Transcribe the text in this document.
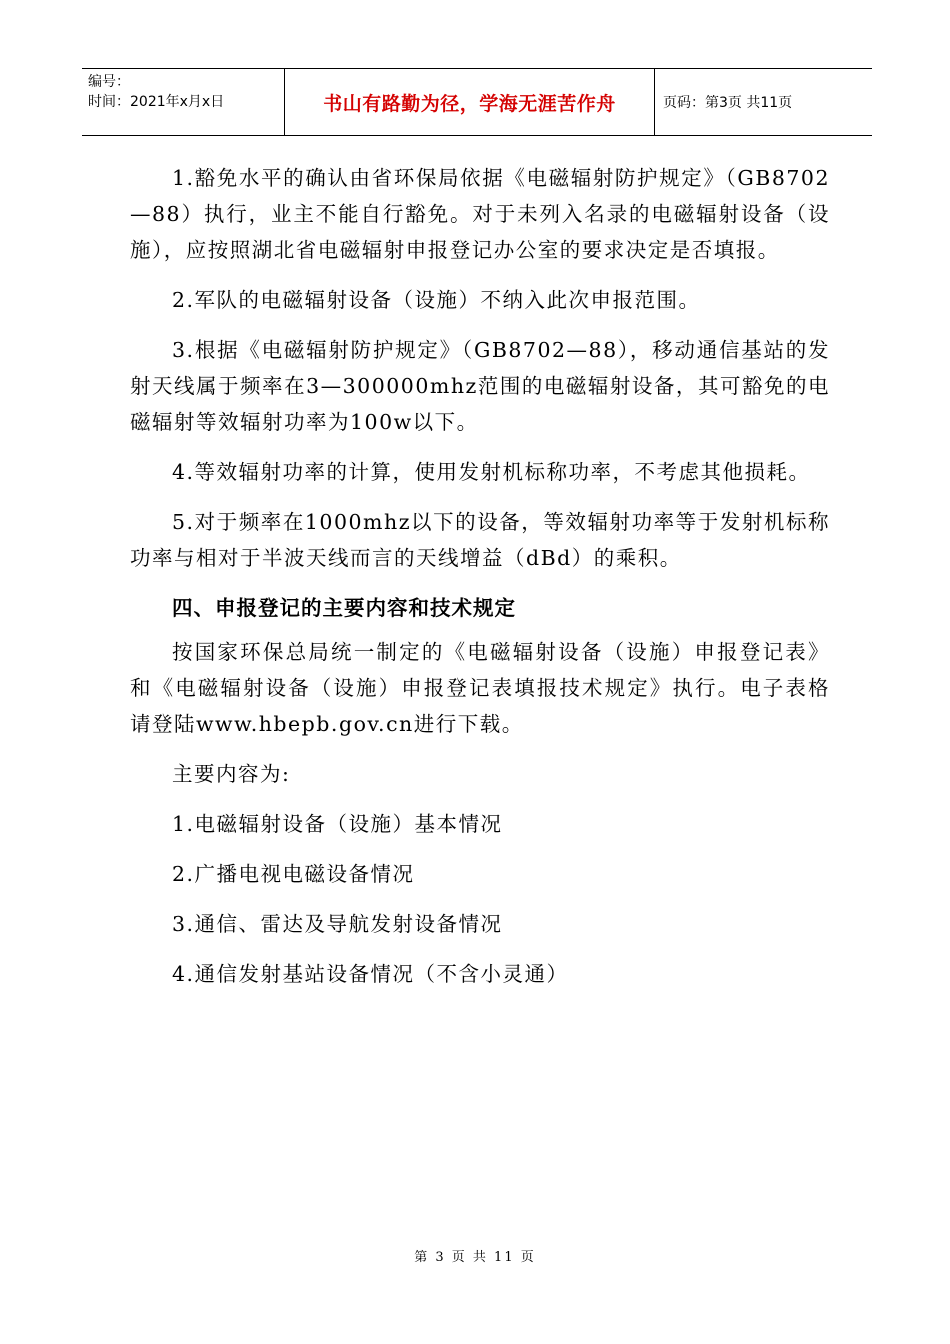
编号：
时间：2021年x月x日	书山有路勤为径，学海无涯苦作舟	页码：第3页 共11页

1.豁免水平的确认由省环保局依据《电磁辐射防护规定》（GB8702—88）执行，业主不能自行豁免。对于未列入名录的电磁辐射设备（设施），应按照湖北省电磁辐射申报登记办公室的要求决定是否填报。

2.军队的电磁辐射设备（设施）不纳入此次申报范围。

3.根据《电磁辐射防护规定》（GB8702—88），移动通信基站的发射天线属于频率在3—300000mhz范围的电磁辐射设备，其可豁免的电磁辐射等效辐射功率为100w以下。

4.等效辐射功率的计算，使用发射机标称功率，不考虑其他损耗。

5.对于频率在1000mhz以下的设备，等效辐射功率等于发射机标称功率与相对于半波天线而言的天线增益（dBd）的乘积。

四、申报登记的主要内容和技术规定

按国家环保总局统一制定的《电磁辐射设备（设施）申报登记表》和《电磁辐射设备（设施）申报登记表填报技术规定》执行。电子表格请登陆www.hbepb.gov.cn进行下载。

主要内容为:

1.电磁辐射设备（设施）基本情况

2.广播电视电磁设备情况

3.通信、雷达及导航发射设备情况

4.通信发射基站设备情况（不含小灵通）

第 3 页 共 11 页
